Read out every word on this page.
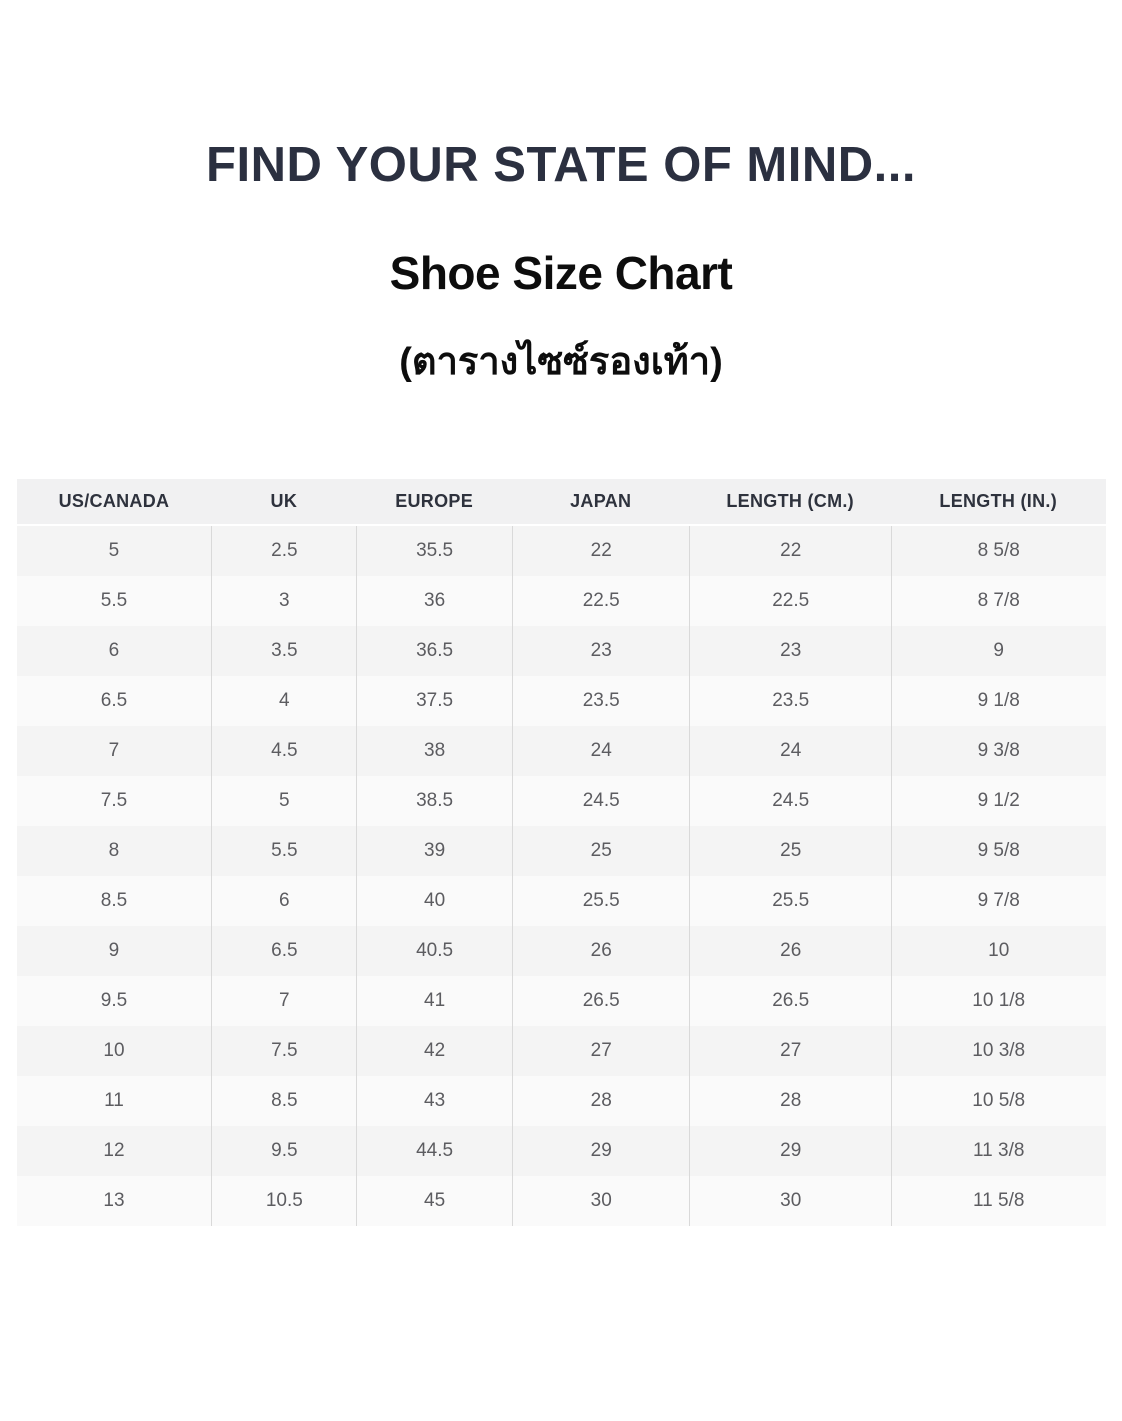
FIND YOUR STATE OF MIND...
Shoe Size Chart
(ตารางไซซ์รองเท้า)
US/CANADA	UK	EUROPE	JAPAN	LENGTH (CM.)	LENGTH (IN.)
5	2.5	35.5	22	22	8 5/8
5.5	3	36	22.5	22.5	8 7/8
6	3.5	36.5	23	23	9
6.5	4	37.5	23.5	23.5	9 1/8
7	4.5	38	24	24	9 3/8
7.5	5	38.5	24.5	24.5	9 1/2
8	5.5	39	25	25	9 5/8
8.5	6	40	25.5	25.5	9 7/8
9	6.5	40.5	26	26	10
9.5	7	41	26.5	26.5	10 1/8
10	7.5	42	27	27	10 3/8
11	8.5	43	28	28	10 5/8
12	9.5	44.5	29	29	11 3/8
13	10.5	45	30	30	11 5/8
